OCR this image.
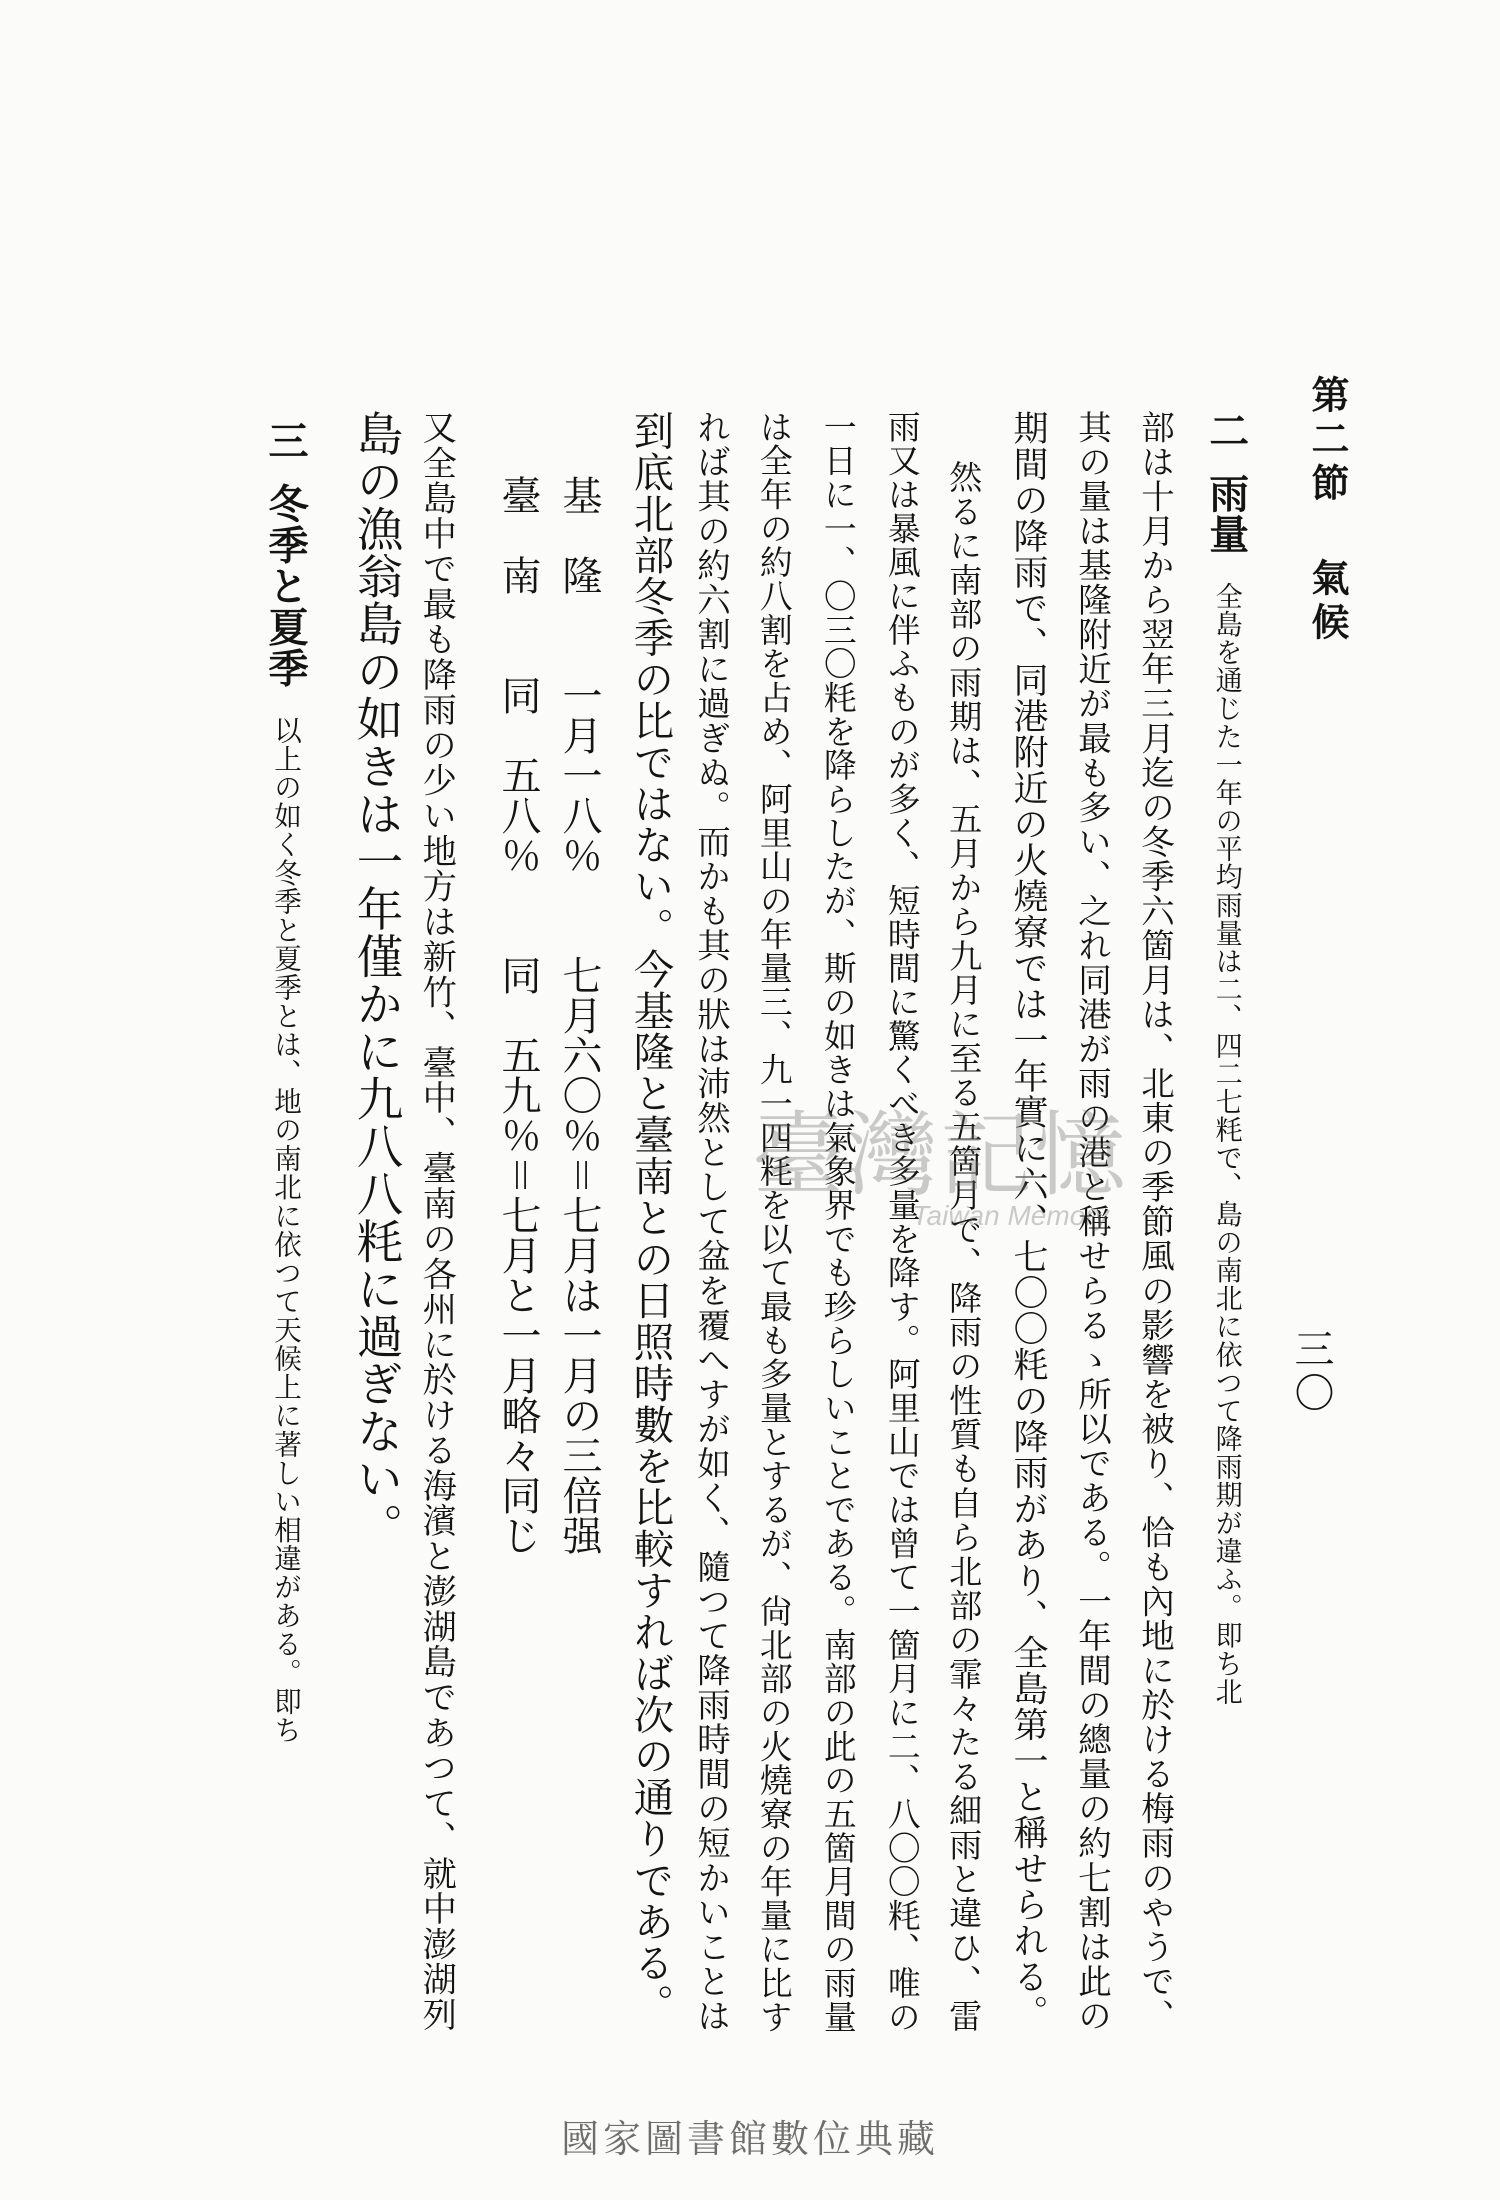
第二節 氣候
三〇
二雨量全島を通じた一年の平均雨量は二、四二七粍で、島の南北に依つて降雨期が違ふ。即ち北
部は十月から翌年三月迄の冬季六箇月は、北東の季節風の影響を被り、恰も內地に於ける梅雨のやうで、
其の量は基隆附近が最も多い、之れ同港が雨の港と稱せらるゝ所以である。一年間の總量の約七割は此の
期間の降雨で、同港附近の火燒寮では一年實に六、七〇〇粍の降雨があり、全島第一と稱せられる。
然るに南部の雨期は、五月から九月に至る五箇月で、降雨の性質も自ら北部の霏々たる細雨と違ひ、雷
雨又は暴風に伴ふものが多く、短時間に驚くべき多量を降す。阿里山では曾て一箇月に二、八〇〇粍、唯の
一日に一、〇三〇粍を降らしたが、斯の如きは氣象界でも珍らしいことである。南部の此の五箇月間の雨量
は全年の約八割を占め、阿里山の年量三、九一四粍を以て最も多量とするが、尙北部の火燒寮の年量に比す
れば其の約六割に過ぎぬ。而かも其の狀は沛然として盆を覆へすが如く、隨つて降雨時間の短かいことは
到底北部冬季の比ではない。今基隆と臺南との日照時數を比較すれば次の通りである。
基　隆　　一月一八％　　七月六〇％＝七月は一月の三倍强
臺　南　　同　五八％　　同　五九％＝七月と一月略々同じ
又全島中で最も降雨の少い地方は新竹、臺中、臺南の各州に於ける海濱と澎湖島であつて、就中澎湖列
島の漁翁島の如きは一年僅かに九八八粍に過ぎない。
三冬季と夏季以上の如く冬季と夏季とは、地の南北に依つて天候上に著しい相違がある。即ち	臺灣記憶
Taiwan Memory
國家圖書館數位典藏
